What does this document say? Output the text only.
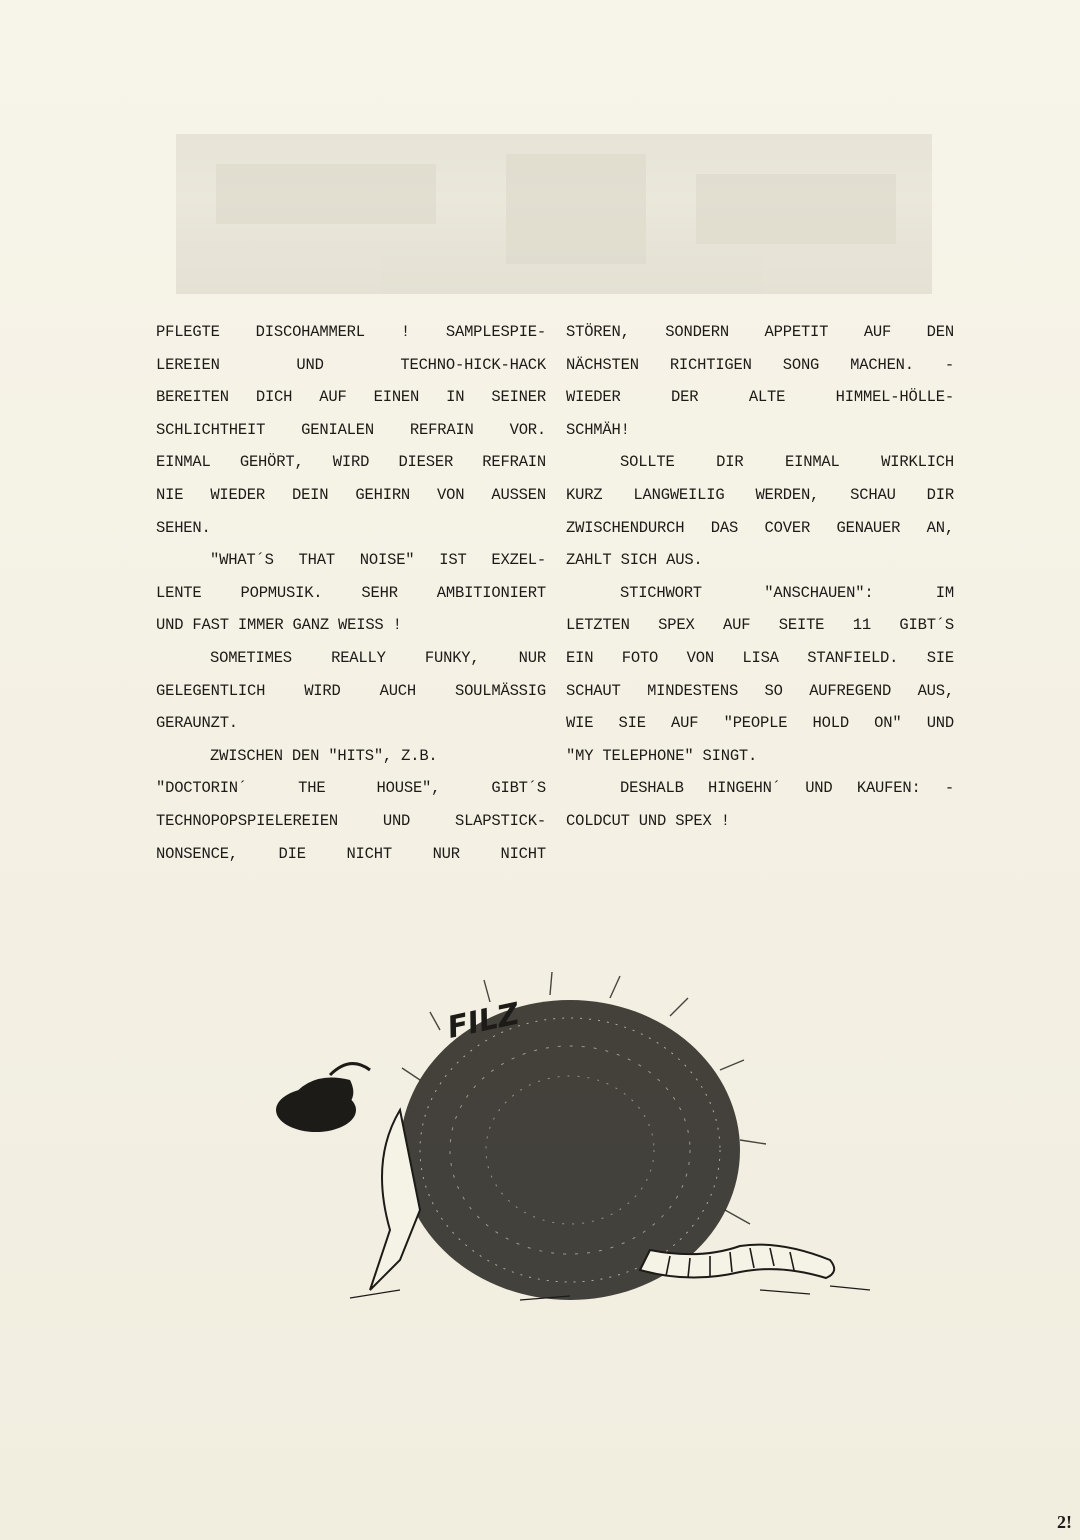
PFLEGTE DISCOHAMMERL ! SAMPLESPIE-
LEREIEN UND TECHNO-HICK-HACK
BEREITEN DICH AUF EINEN IN SEINER
SCHLICHTHEIT GENIALEN REFRAIN VOR.
EINMAL GEHÖRT, WIRD DIESER REFRAIN
NIE WIEDER DEIN GEHIRN VON AUSSEN
SEHEN.
"WHAT´S THAT NOISE" IST EXZEL-
LENTE POPMUSIK. SEHR AMBITIONIERT
UND FAST IMMER GANZ WEISS !
SOMETIMES REALLY FUNKY, NUR
GELEGENTLICH WIRD AUCH SOULMÄSSIG
GERAUNZT.
ZWISCHEN DEN "HITS", Z.B.
"DOCTORIN´ THE HOUSE", GIBT´S
TECHNOPOPSPIELEREIEN UND SLAPSTICK-
NONSENCE, DIE NICHT NUR NICHT
STÖREN, SONDERN APPETIT AUF DEN
NÄCHSTEN RICHTIGEN SONG MACHEN. -
WIEDER DER ALTE HIMMEL-HÖLLE-
SCHMÄH!
SOLLTE DIR EINMAL WIRKLICH
KURZ LANGWEILIG WERDEN, SCHAU DIR
ZWISCHENDURCH DAS COVER GENAUER AN,
ZAHLT SICH AUS.
STICHWORT "ANSCHAUEN": IM
LETZTEN SPEX AUF SEITE 11 GIBT´S
EIN FOTO VON LISA STANFIELD. SIE
SCHAUT MINDESTENS SO AUFREGEND AUS,
WIE SIE AUF "PEOPLE HOLD ON" UND
"MY TELEPHONE" SINGT.
DESHALB HINGEHN´ UND KAUFEN: -
COLDCUT UND SPEX !
FILZ
2!
